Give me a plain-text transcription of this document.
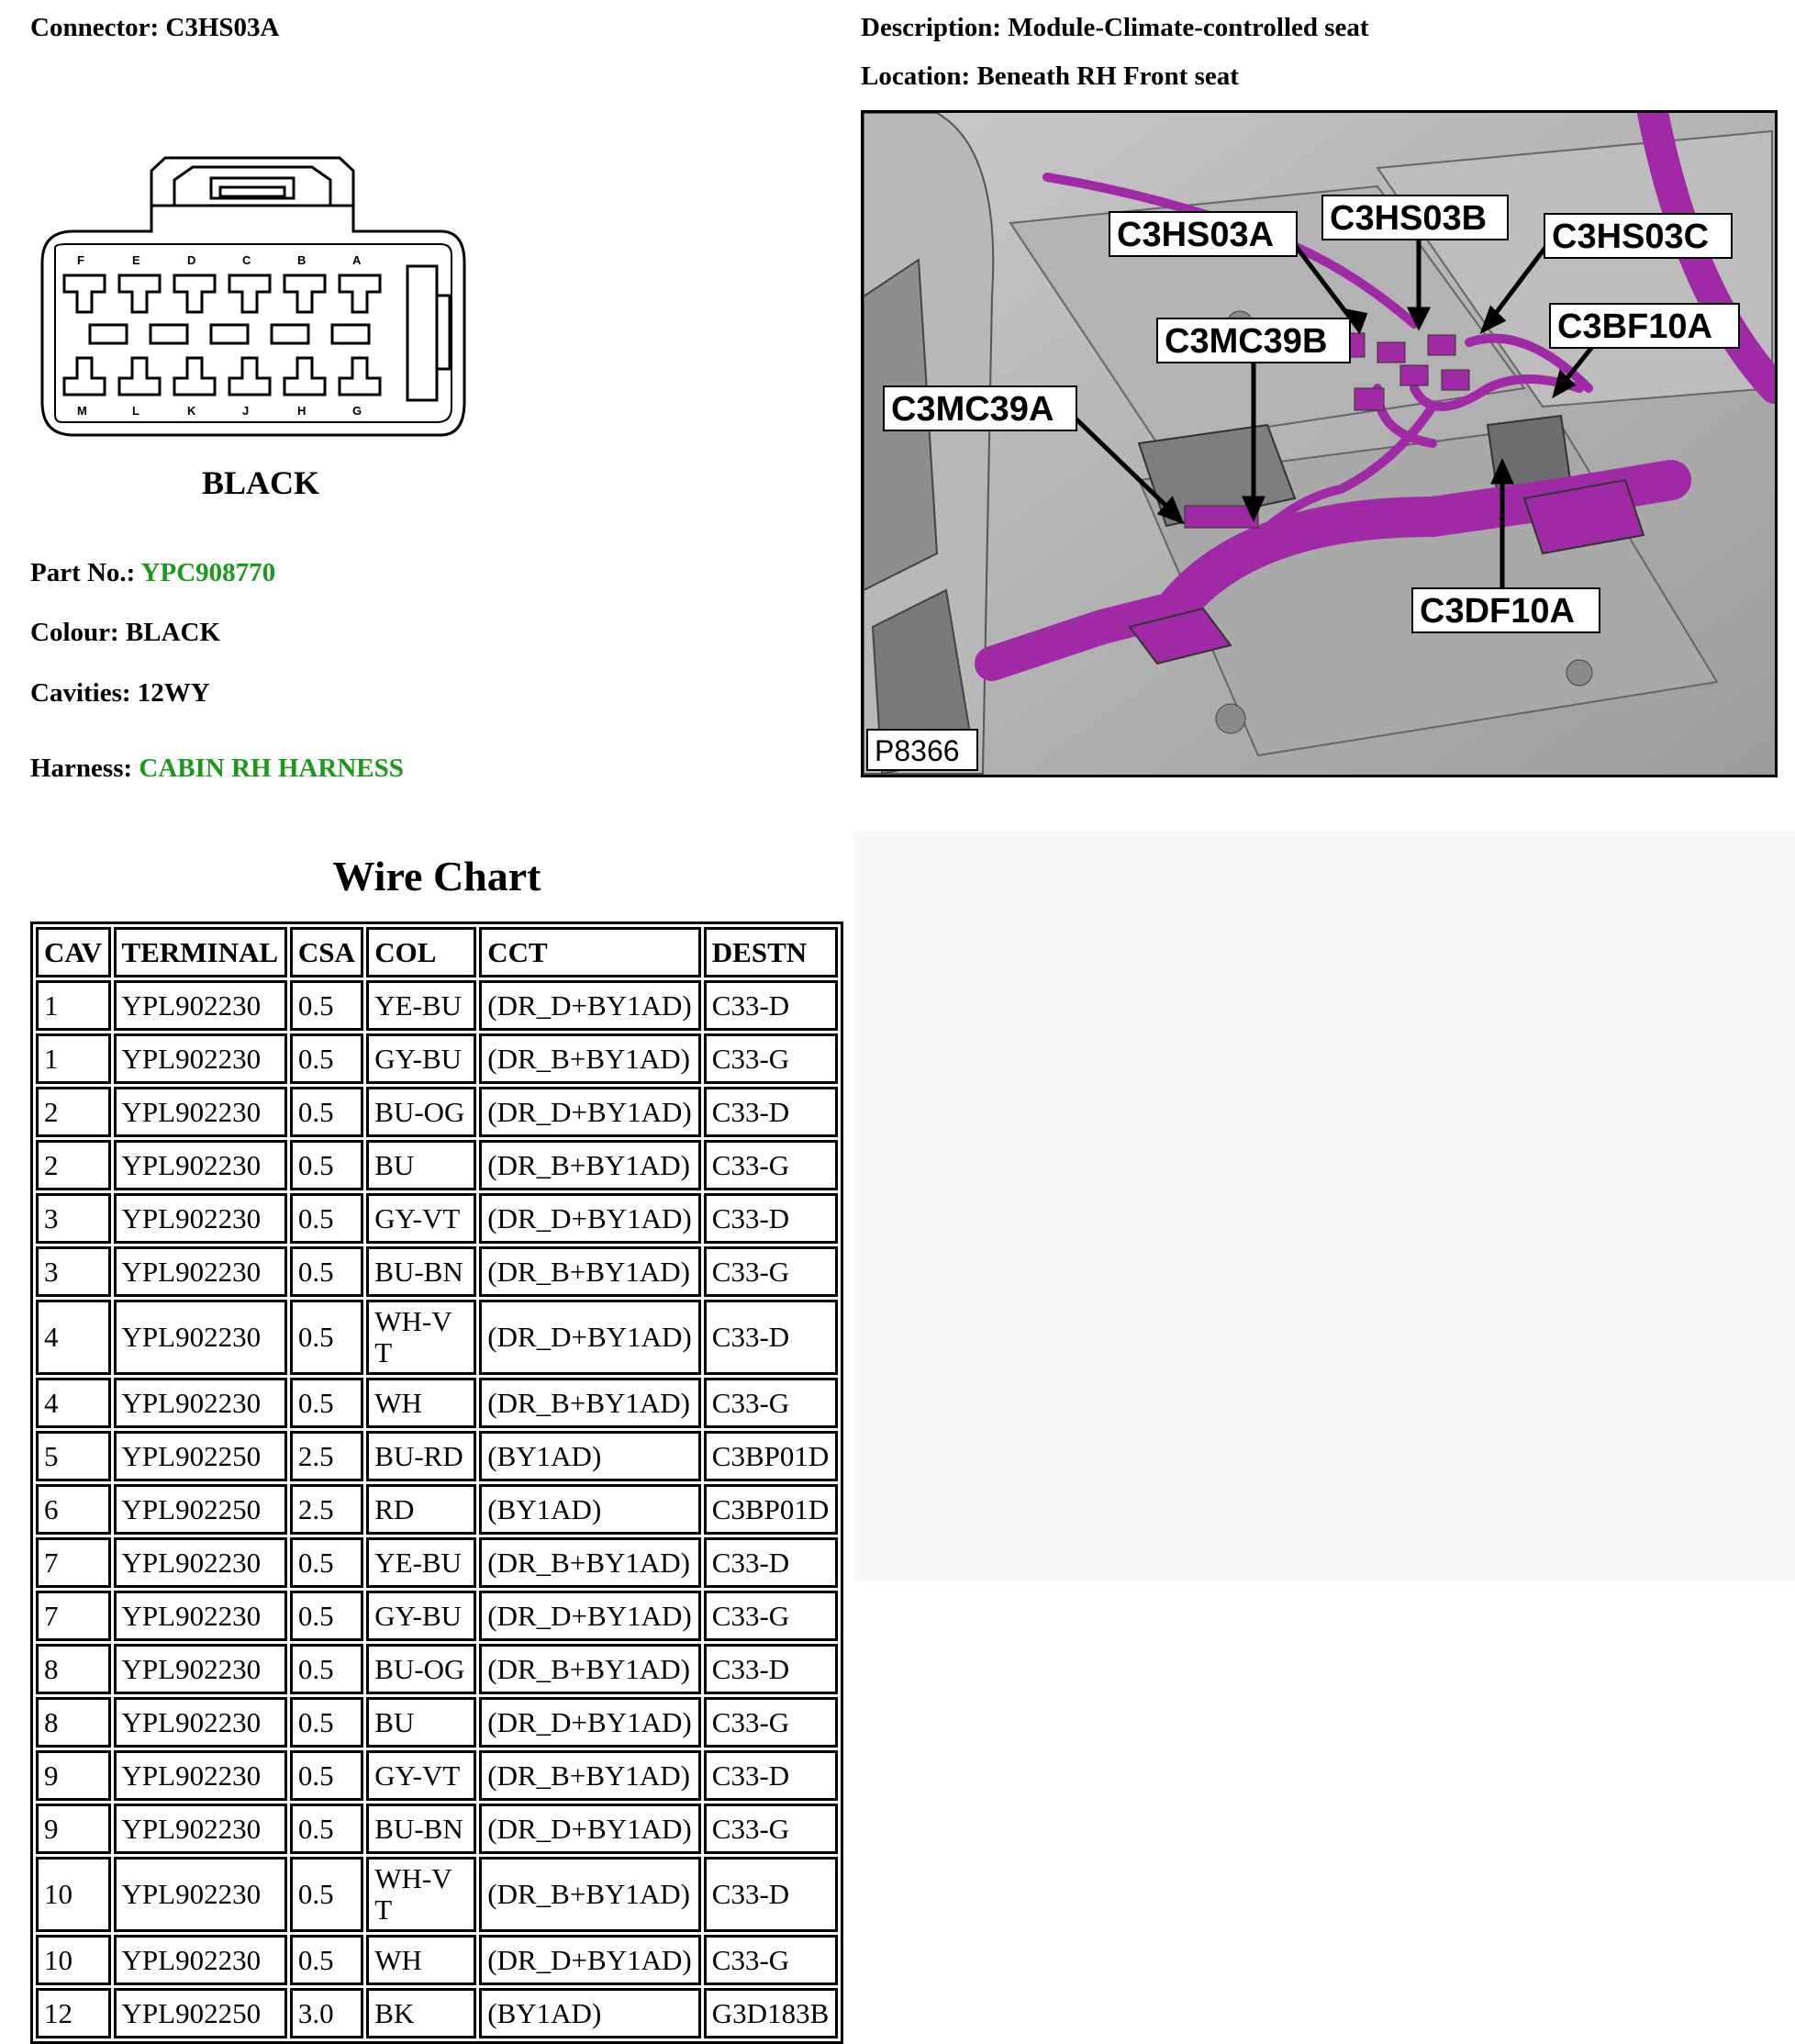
Connector: C3HS03A	Description: Module-Climate-controlled seat
Location: Beneath RH Front seat
F	E	D	C	B	A
M	L	K	J	H	G
BLACK
Part No.: YPC908770
Colour: BLACK
Cavities: 12WY
Harness: CABIN RH HARNESS
C3HS03A C3HS03B C3HS03C
C3MC39B	C3BF10A
C3MC39A
C3DF10A
P8366
Wire Chart
CAV	TERMINAL	CSA	COL	CCT	DESTN
1	YPL902230	0.5	YE-BU	(DR_D+BY1AD)	C33-D
1	YPL902230	0.5	GY-BU	(DR_B+BY1AD)	C33-G
2	YPL902230	0.5	BU-OG	(DR_D+BY1AD)	C33-D
2	YPL902230	0.5	BU	(DR_B+BY1AD)	C33-G
3	YPL902230	0.5	GY-VT	(DR_D+BY1AD)	C33-D
3	YPL902230	0.5	BU-BN	(DR_B+BY1AD)	C33-G
4	YPL902230	0.5	WH-VT	(DR_D+BY1AD)	C33-D
4	YPL902230	0.5	WH	(DR_B+BY1AD)	C33-G
5	YPL902250	2.5	BU-RD	(BY1AD)	C3BP01D
6	YPL902250	2.5	RD	(BY1AD)	C3BP01D
7	YPL902230	0.5	YE-BU	(DR_B+BY1AD)	C33-D
7	YPL902230	0.5	GY-BU	(DR_D+BY1AD)	C33-G
8	YPL902230	0.5	BU-OG	(DR_B+BY1AD)	C33-D
8	YPL902230	0.5	BU	(DR_D+BY1AD)	C33-G
9	YPL902230	0.5	GY-VT	(DR_B+BY1AD)	C33-D
9	YPL902230	0.5	BU-BN	(DR_D+BY1AD)	C33-G
10	YPL902230	0.5	WH-VT	(DR_B+BY1AD)	C33-D
10	YPL902230	0.5	WH	(DR_D+BY1AD)	C33-G
12	YPL902250	3.0	BK	(BY1AD)	G3D183B
